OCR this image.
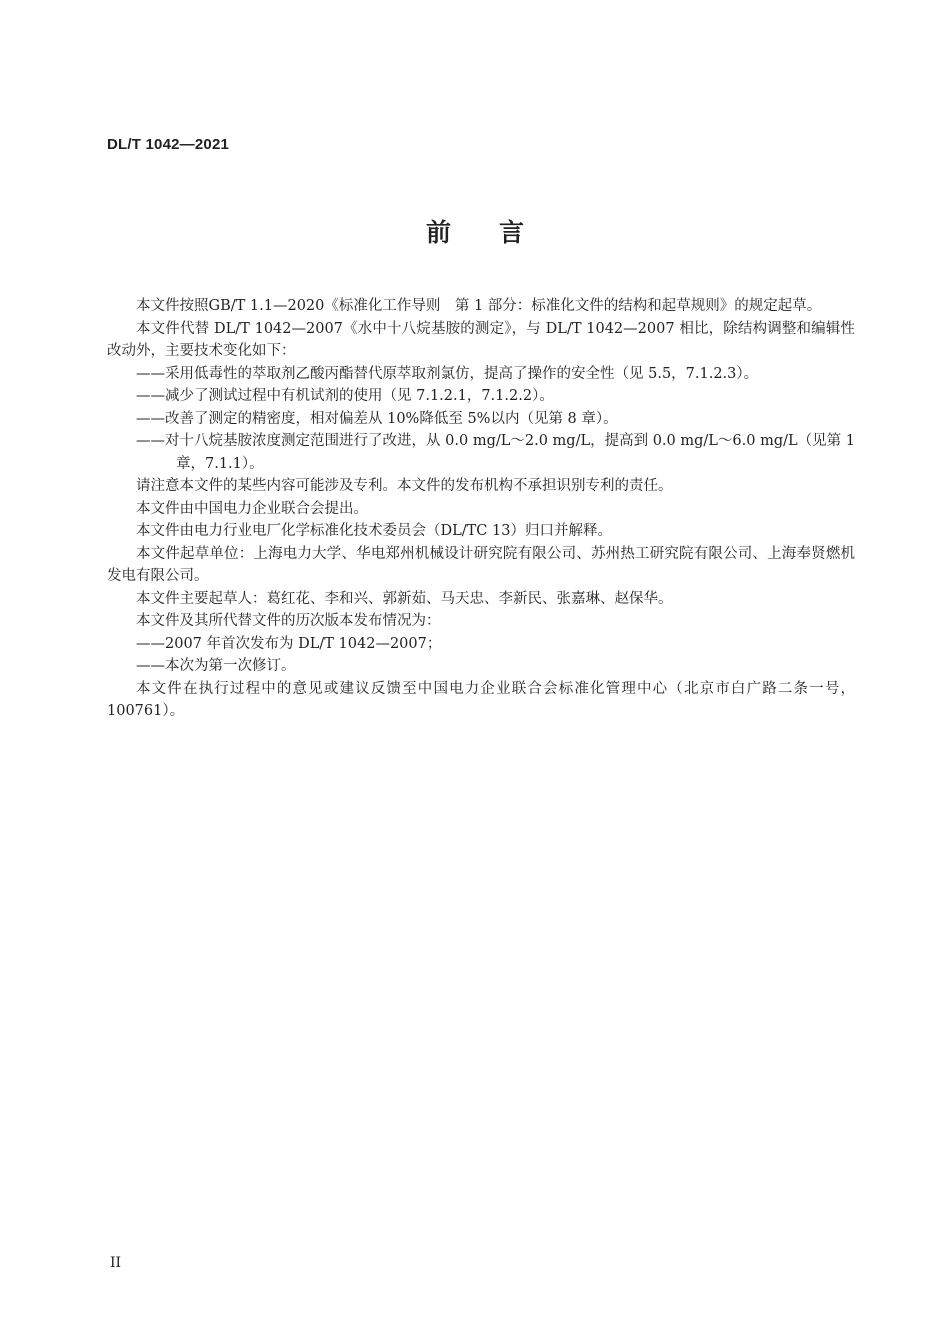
DL/T 1042—2021
前言

本文件按照GB/T 1.1—2020《标准化工作导则　第 1 部分：标准化文件的结构和起草规则》的规定起草。

本文件代替 DL/T 1042—2007《水中十八烷基胺的测定》，与 DL/T 1042—2007 相比，除结构调整和编辑性改动外，主要技术变化如下：

——采用低毒性的萃取剂乙酸丙酯替代原萃取剂氯仿，提高了操作的安全性（见 5.5，7.1.2.3）。

——减少了测试过程中有机试剂的使用（见 7.1.2.1，7.1.2.2）。

——改善了测定的精密度，相对偏差从 10%降低至 5%以内（见第 8 章）。

——对十八烷基胺浓度测定范围进行了改进，从 0.0 mg/L～2.0 mg/L，提高到 0.0 mg/L～6.0 mg/L（见第 1 章，7.1.1）。

请注意本文件的某些内容可能涉及专利。本文件的发布机构不承担识别专利的责任。

本文件由中国电力企业联合会提出。

本文件由电力行业电厂化学标准化技术委员会（DL/TC 13）归口并解释。

本文件起草单位：上海电力大学、华电郑州机械设计研究院有限公司、苏州热工研究院有限公司、上海奉贤燃机发电有限公司。

本文件主要起草人：葛红花、李和兴、郭新茹、马天忠、李新民、张嘉琳、赵保华。

本文件及其所代替文件的历次版本发布情况为：

——2007 年首次发布为 DL/T 1042—2007；

——本次为第一次修订。

本文件在执行过程中的意见或建议反馈至中国电力企业联合会标准化管理中心（北京市白广路二条一号，100761）。

II
